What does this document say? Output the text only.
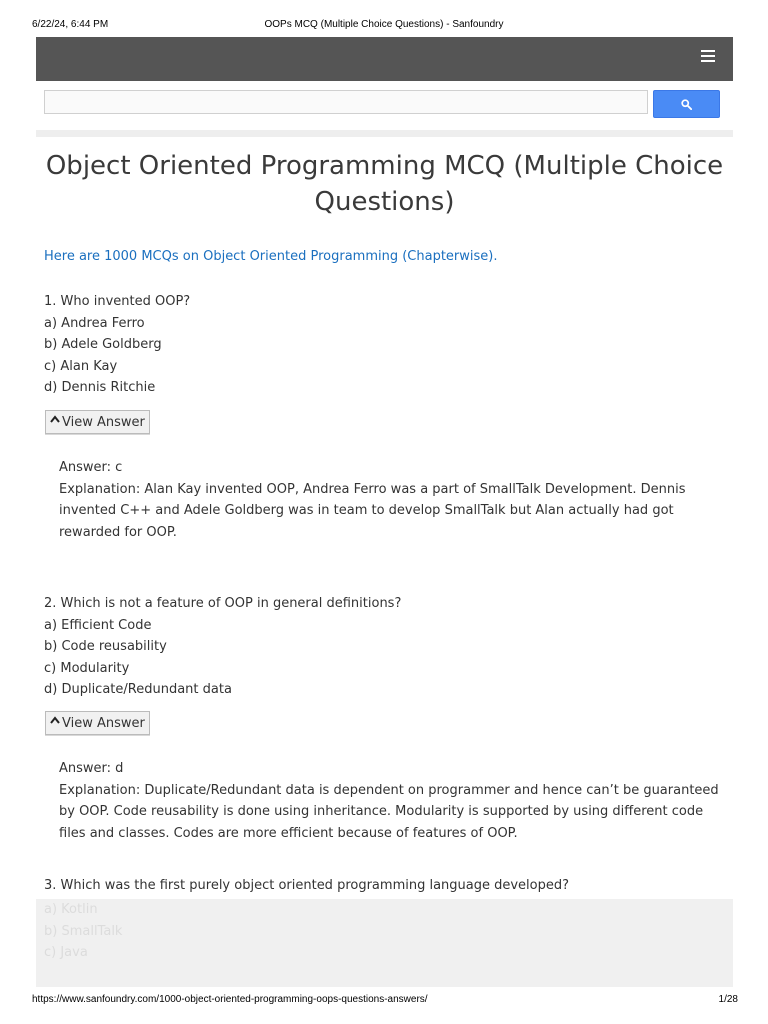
6/22/24, 6:44 PM	OOPs MCQ (Multiple Choice Questions) - Sanfoundry
Object Oriented Programming MCQ (Multiple Choice Questions)
Here are 1000 MCQs on Object Oriented Programming (Chapterwise).

1. Who invented OOP?

a) Andrea Ferro

b) Adele Goldberg

c) Alan Kay

d) Dennis Ritchie

View Answer

Answer: c

Explanation: Alan Kay invented OOP, Andrea Ferro was a part of SmallTalk Development. Dennis invented C++ and Adele Goldberg was in team to develop SmallTalk but Alan actually had got rewarded for OOP.

2. Which is not a feature of OOP in general definitions?

a) Efficient Code

b) Code reusability

c) Modularity

d) Duplicate/Redundant data

View Answer

Answer: d

Explanation: Duplicate/Redundant data is dependent on programmer and hence can’t be guaranteed by OOP. Code reusability is done using inheritance. Modularity is supported by using different code files and classes. Codes are more efficient because of features of OOP.

3. Which was the first purely object oriented programming language developed?

a) Kotlin

b) SmallTalk

c) Java

https://www.sanfoundry.com/1000-object-oriented-programming-oops-questions-answers/	1/28
